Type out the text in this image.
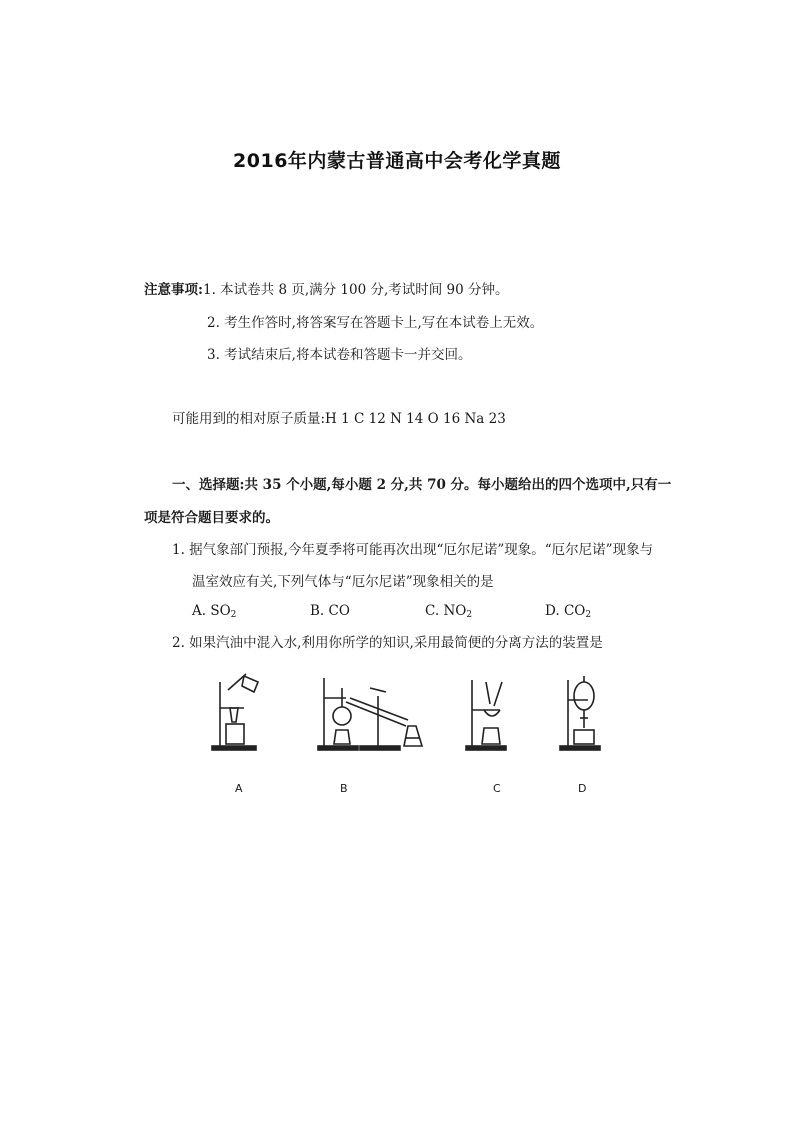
2016年内蒙古普通高中会考化学真题
注意事项:1. 本试卷共 8 页,满分 100 分,考试时间 90 分钟。
2. 考生作答时,将答案写在答题卡上,写在本试卷上无效。
3. 考试结束后,将本试卷和答题卡一并交回。
可能用到的相对原子质量:H 1 C 12 N 14 O 16 Na 23
一、选择题:共 35 个小题,每小题 2 分,共 70 分。每小题给出的四个选项中,只有一
项是符合题目要求的。
1. 据气象部门预报,今年夏季将可能再次出现“厄尔尼诺”现象。“厄尔尼诺”现象与
温室效应有关,下列气体与“厄尔尼诺”现象相关的是
A. $SO_2$	B. CO	C. $NO_2$	D. $CO_2$
2. 如果汽油中混入水,利用你所学的知识,采用最简便的分离方法的装置是
A	B	C	D
